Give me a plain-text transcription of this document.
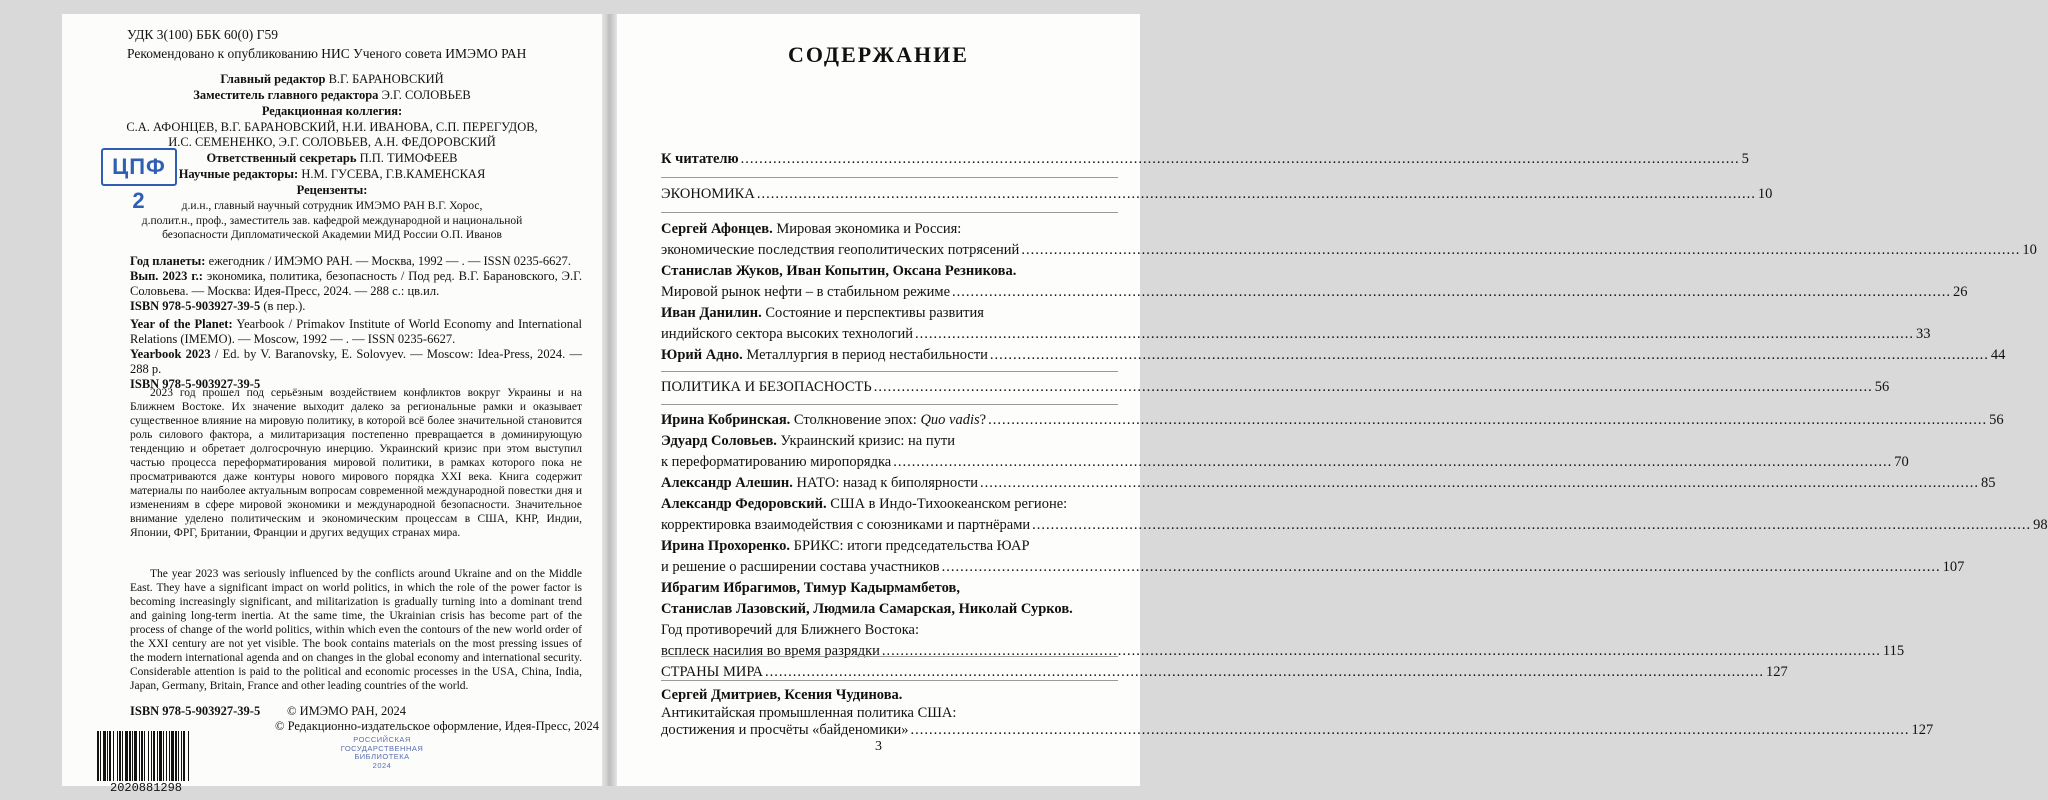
УДК 3(100) ББК 60(0) Г59
Рекомендовано к опубликованию НИС Ученого совета ИМЭМО РАН
Главный редактор В.Г. БАРАНОВСКИЙ
Заместитель главного редактора Э.Г. СОЛОВЬЕВ
Редакционная коллегия:
С.А. АФОНЦЕВ, В.Г. БАРАНОВСКИЙ, Н.И. ИВАНОВА, С.П. ПЕРЕГУДОВ,
И.С. СЕМЕНЕНКО, Э.Г. СОЛОВЬЕВ, А.Н. ФЕДОРОВСКИЙ
Ответственный секретарь П.П. ТИМОФЕЕВ
Научные редакторы: Н.М. ГУСЕВА, Г.В.КАМЕНСКАЯ
Рецензенты:
д.и.н., главный научный сотрудник ИМЭМО РАН В.Г. Хорос,
д.полит.н., проф., заместитель зав. кафедрой международной и национальной
безопасности Дипломатической Академии МИД России О.П. Иванов
ЦПФ 2
Год планеты: ежегодник / ИМЭМО РАН. — Москва, 1992 — . — ISSN 0235-6627.
Вып. 2023 г.: экономика, политика, безопасность / Под ред. В.Г. Барановского, Э.Г. Соловьева. — Москва: Идея-Пресс, 2024. — 288 с.: цв.ил.
ISBN 978-5-903927-39-5 (в пер.).
Year of the Planet: Yearbook / Primakov Institute of World Economy and International Relations (IMEMO). — Moscow, 1992 — . — ISSN 0235-6627.
Yearbook 2023 / Ed. by V. Baranovsky, E. Solovyev. — Moscow: Idea-Press, 2024. — 288 p.
ISBN 978-5-903927-39-5
2023 год прошел под серьёзным воздействием конфликтов вокруг Украины и на Ближнем Востоке. Их значение выходит далеко за региональные рамки и оказывает существенное влияние на мировую политику, в которой всё более значительной становится роль силового фактора, а милитаризация постепенно превращается в доминирующую тенденцию и обретает долгосрочную инерцию. Украинский кризис при этом выступил частью процесса переформатирования мировой политики, в рамках которого пока не просматриваются даже контуры нового мирового порядка XXI века. Книга содержит материалы по наиболее актуальным вопросам современной международной повестки дня и изменениям в сфере мировой экономики и международной безопасности. Значительное внимание уделено политическим и экономическим процессам в США, КНР, Индии, Японии, ФРГ, Британии, Франции и других ведущих странах мира.
The year 2023 was seriously influenced by the conflicts around Ukraine and on the Middle East. They have a significant impact on world politics, in which the role of the power factor is becoming increasingly significant, and militarization is gradually turning into a dominant trend and gaining long-term inertia. At the same time, the Ukrainian crisis has become part of the process of change of the world politics, within which even the contours of the new world order of the XXI century are not yet visible. The book contains materials on the most pressing issues of the modern international agenda and on changes in the global economy and international security. Considerable attention is paid to the political and economic processes in the USA, China, India, Japan, Germany, Britain, France and other leading countries of the world.
ISBN 978-5-903927-39-5 © ИМЭМО РАН, 2024
© Редакционно-издательское оформление, Идея-Пресс, 2024
2020881298
РОССИЙСКАЯ
ГОСУДАРСТВЕННАЯ
БИБЛИОТЕКА
2024
СОДЕРЖАНИЕ
К читателю .....	5
ЭКОНОМИКА .....	10
Сергей Афонцев. Мировая экономика и Россия:
экономические последствия геополитических потрясений .....	10
Станислав Жуков, Иван Копытин, Оксана Резникова.
Мировой рынок нефти – в стабильном режиме .....	26
Иван Данилин. Состояние и перспективы развития
индийского сектора высоких технологий .....	33
Юрий Адно. Металлургия в период нестабильности .....	44
ПОЛИТИКА И БЕЗОПАСНОСТЬ .....	56
Ирина Кобринская. Столкновение эпох: Quo vadis? .....	56
Эдуард Соловьев. Украинский кризис: на пути
к переформатированию миропорядка .....	70
Александр Алешин. НАТО: назад к биполярности .....	85
Александр Федоровский. США в Индо-Тихоокеанском регионе:
корректировка взаимодействия с союзниками и партнёрами .....	98
Ирина Прохоренко. БРИКС: итоги председательства ЮАР
и решение о расширении состава участников .....	107
Ибрагим Ибрагимов, Тимур Кадырмамбетов,
Станислав Лазовский, Людмила Самарская, Николай Сурков.
Год противоречий для Ближнего Востока:
всплеск насилия во время разрядки .....	115
СТРАНЫ МИРА .....	127
Сергей Дмитриев, Ксения Чудинова.
Антикитайская промышленная политика США:
достижения и просчёты «байденомики» .....	127
3
